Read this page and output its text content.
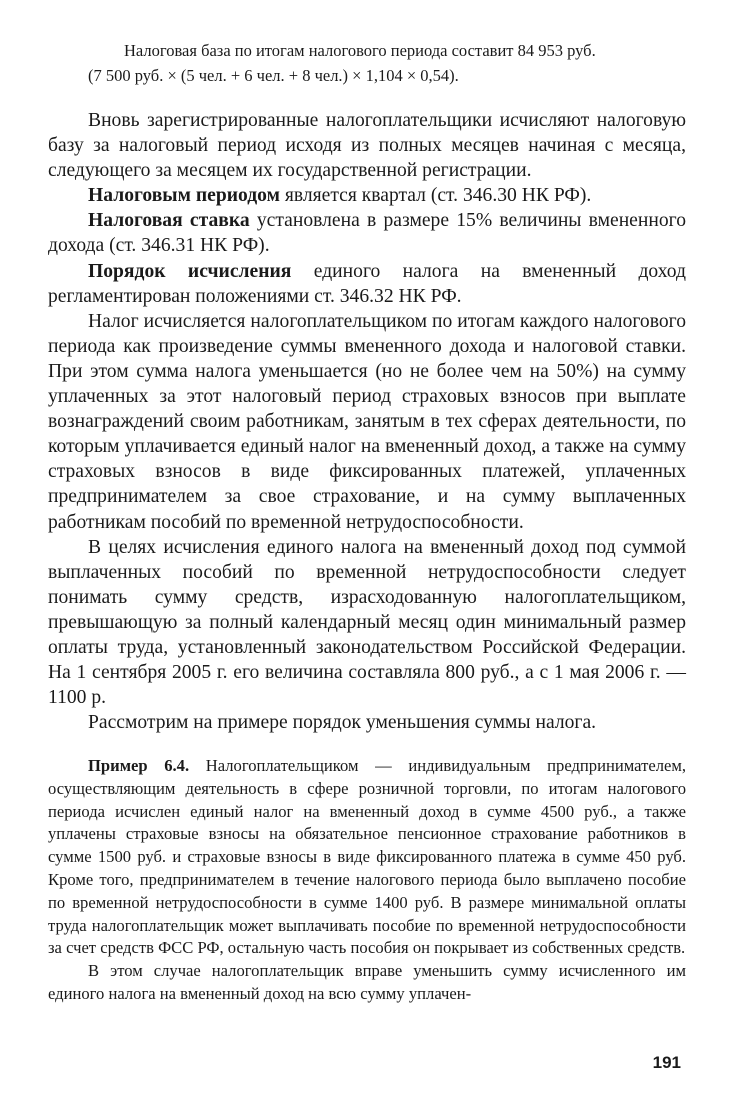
Налоговая база по итогам налогового периода составит 84 953 руб.

(7 500 руб. × (5 чел. + 6 чел. + 8 чел.) × 1,104 × 0,54).

Вновь зарегистрированные налогоплательщики исчисляют налоговую базу за налоговый период исходя из полных месяцев начиная с месяца, следующего за месяцем их государственной регистрации.

Налоговым периодом является квартал (ст. 346.30 НК РФ).

Налоговая ставка установлена в размере 15% величины вмененного дохода (ст. 346.31 НК РФ).

Порядок исчисления единого налога на вмененный доход регламентирован положениями ст. 346.32 НК РФ.

Налог исчисляется налогоплательщиком по итогам каждого налогового периода как произведение суммы вмененного дохода и налоговой ставки. При этом сумма налога уменьшается (но не более чем на 50%) на сумму уплаченных за этот налоговый период страховых взносов при выплате вознаграждений своим работникам, занятым в тех сферах деятельности, по которым уплачивается единый налог на вмененный доход, а также на сумму страховых взносов в виде фиксированных платежей, уплаченных предпринимателем за свое страхование, и на сумму выплаченных работникам пособий по временной нетрудоспособности.

В целях исчисления единого налога на вмененный доход под суммой выплаченных пособий по временной нетрудоспособности следует понимать сумму средств, израсходованную налогоплательщиком, превышающую за полный календарный месяц один минимальный размер оплаты труда, установленный законодательством Российской Федерации. На 1 сентября 2005 г. его величина составляла 800 руб., а с 1 мая 2006 г. — 1100 р.

Рассмотрим на примере порядок уменьшения суммы налога.

Пример 6.4. Налогоплательщиком — индивидуальным предпринимателем, осуществляющим деятельность в сфере розничной торговли, по итогам налогового периода исчислен единый налог на вмененный доход в сумме 4500 руб., а также уплачены страховые взносы на обязательное пенсионное страхование работников в сумме 1500 руб. и страховые взносы в виде фиксированного платежа в сумме 450 руб. Кроме того, предпринимателем в течение налогового периода было выплачено пособие по временной нетрудоспособности в сумме 1400 руб. В размере минимальной оплаты труда налогоплательщик может выплачивать пособие по временной нетрудоспособности за счет средств ФСС РФ, остальную часть пособия он покрывает из собственных средств.

В этом случае налогоплательщик вправе уменьшить сумму исчисленного им единого налога на вмененный доход на всю сумму уплачен-

191
